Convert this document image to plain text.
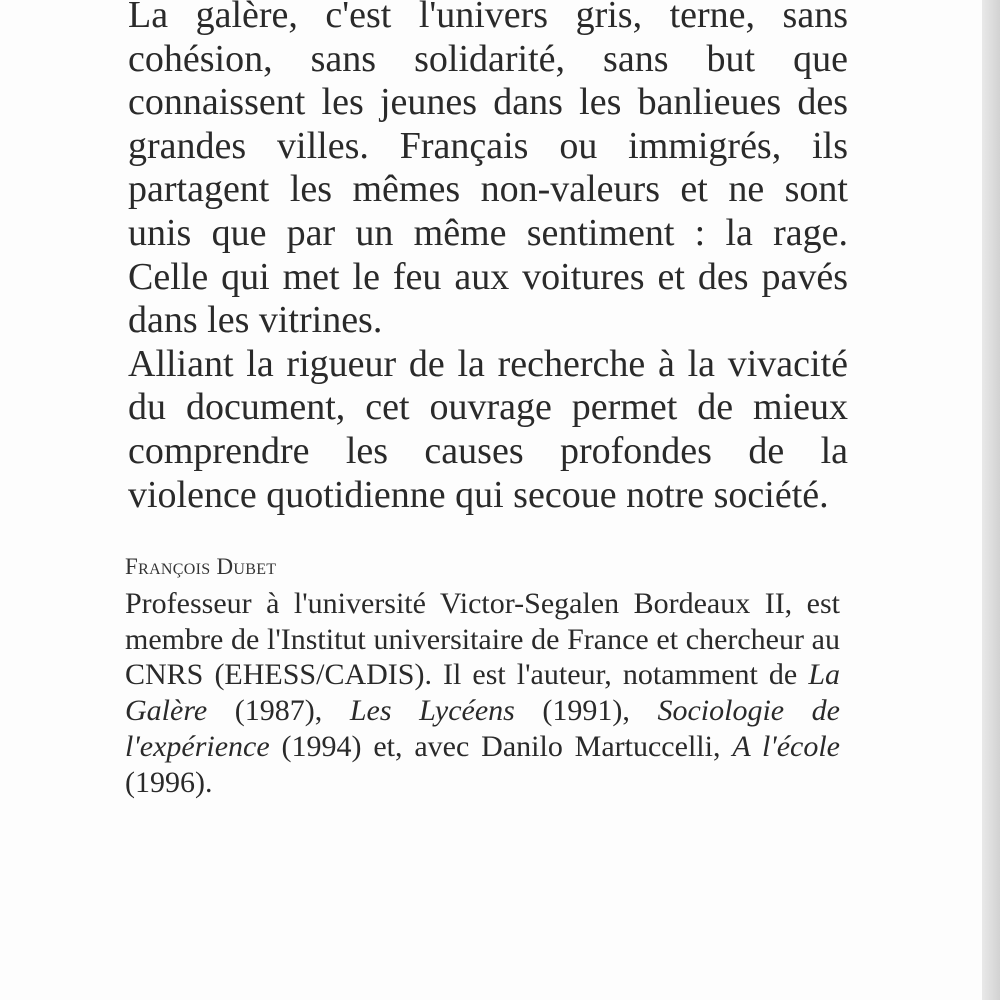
La galère, c'est l'univers gris, terne, sans cohésion, sans solidarité, sans but que connaissent les jeunes dans les banlieues des grandes villes. Français ou immigrés, ils partagent les mêmes non-valeurs et ne sont unis que par un même sentiment : la rage. Celle qui met le feu aux voitures et des pavés dans les vitrines.

Alliant la rigueur de la recherche à la vivacité du document, cet ouvrage permet de mieux comprendre les causes profondes de la violence quotidienne qui secoue notre société.

François Dubet

Professeur à l'université Victor-Segalen Bordeaux II, est membre de l'Institut universitaire de France et chercheur au CNRS (EHESS/CADIS). Il est l'auteur, notamment de La Galère (1987), Les Lycéens (1991), Sociologie de l'expérience (1994) et, avec Danilo Martuccelli, A l'école (1996).
